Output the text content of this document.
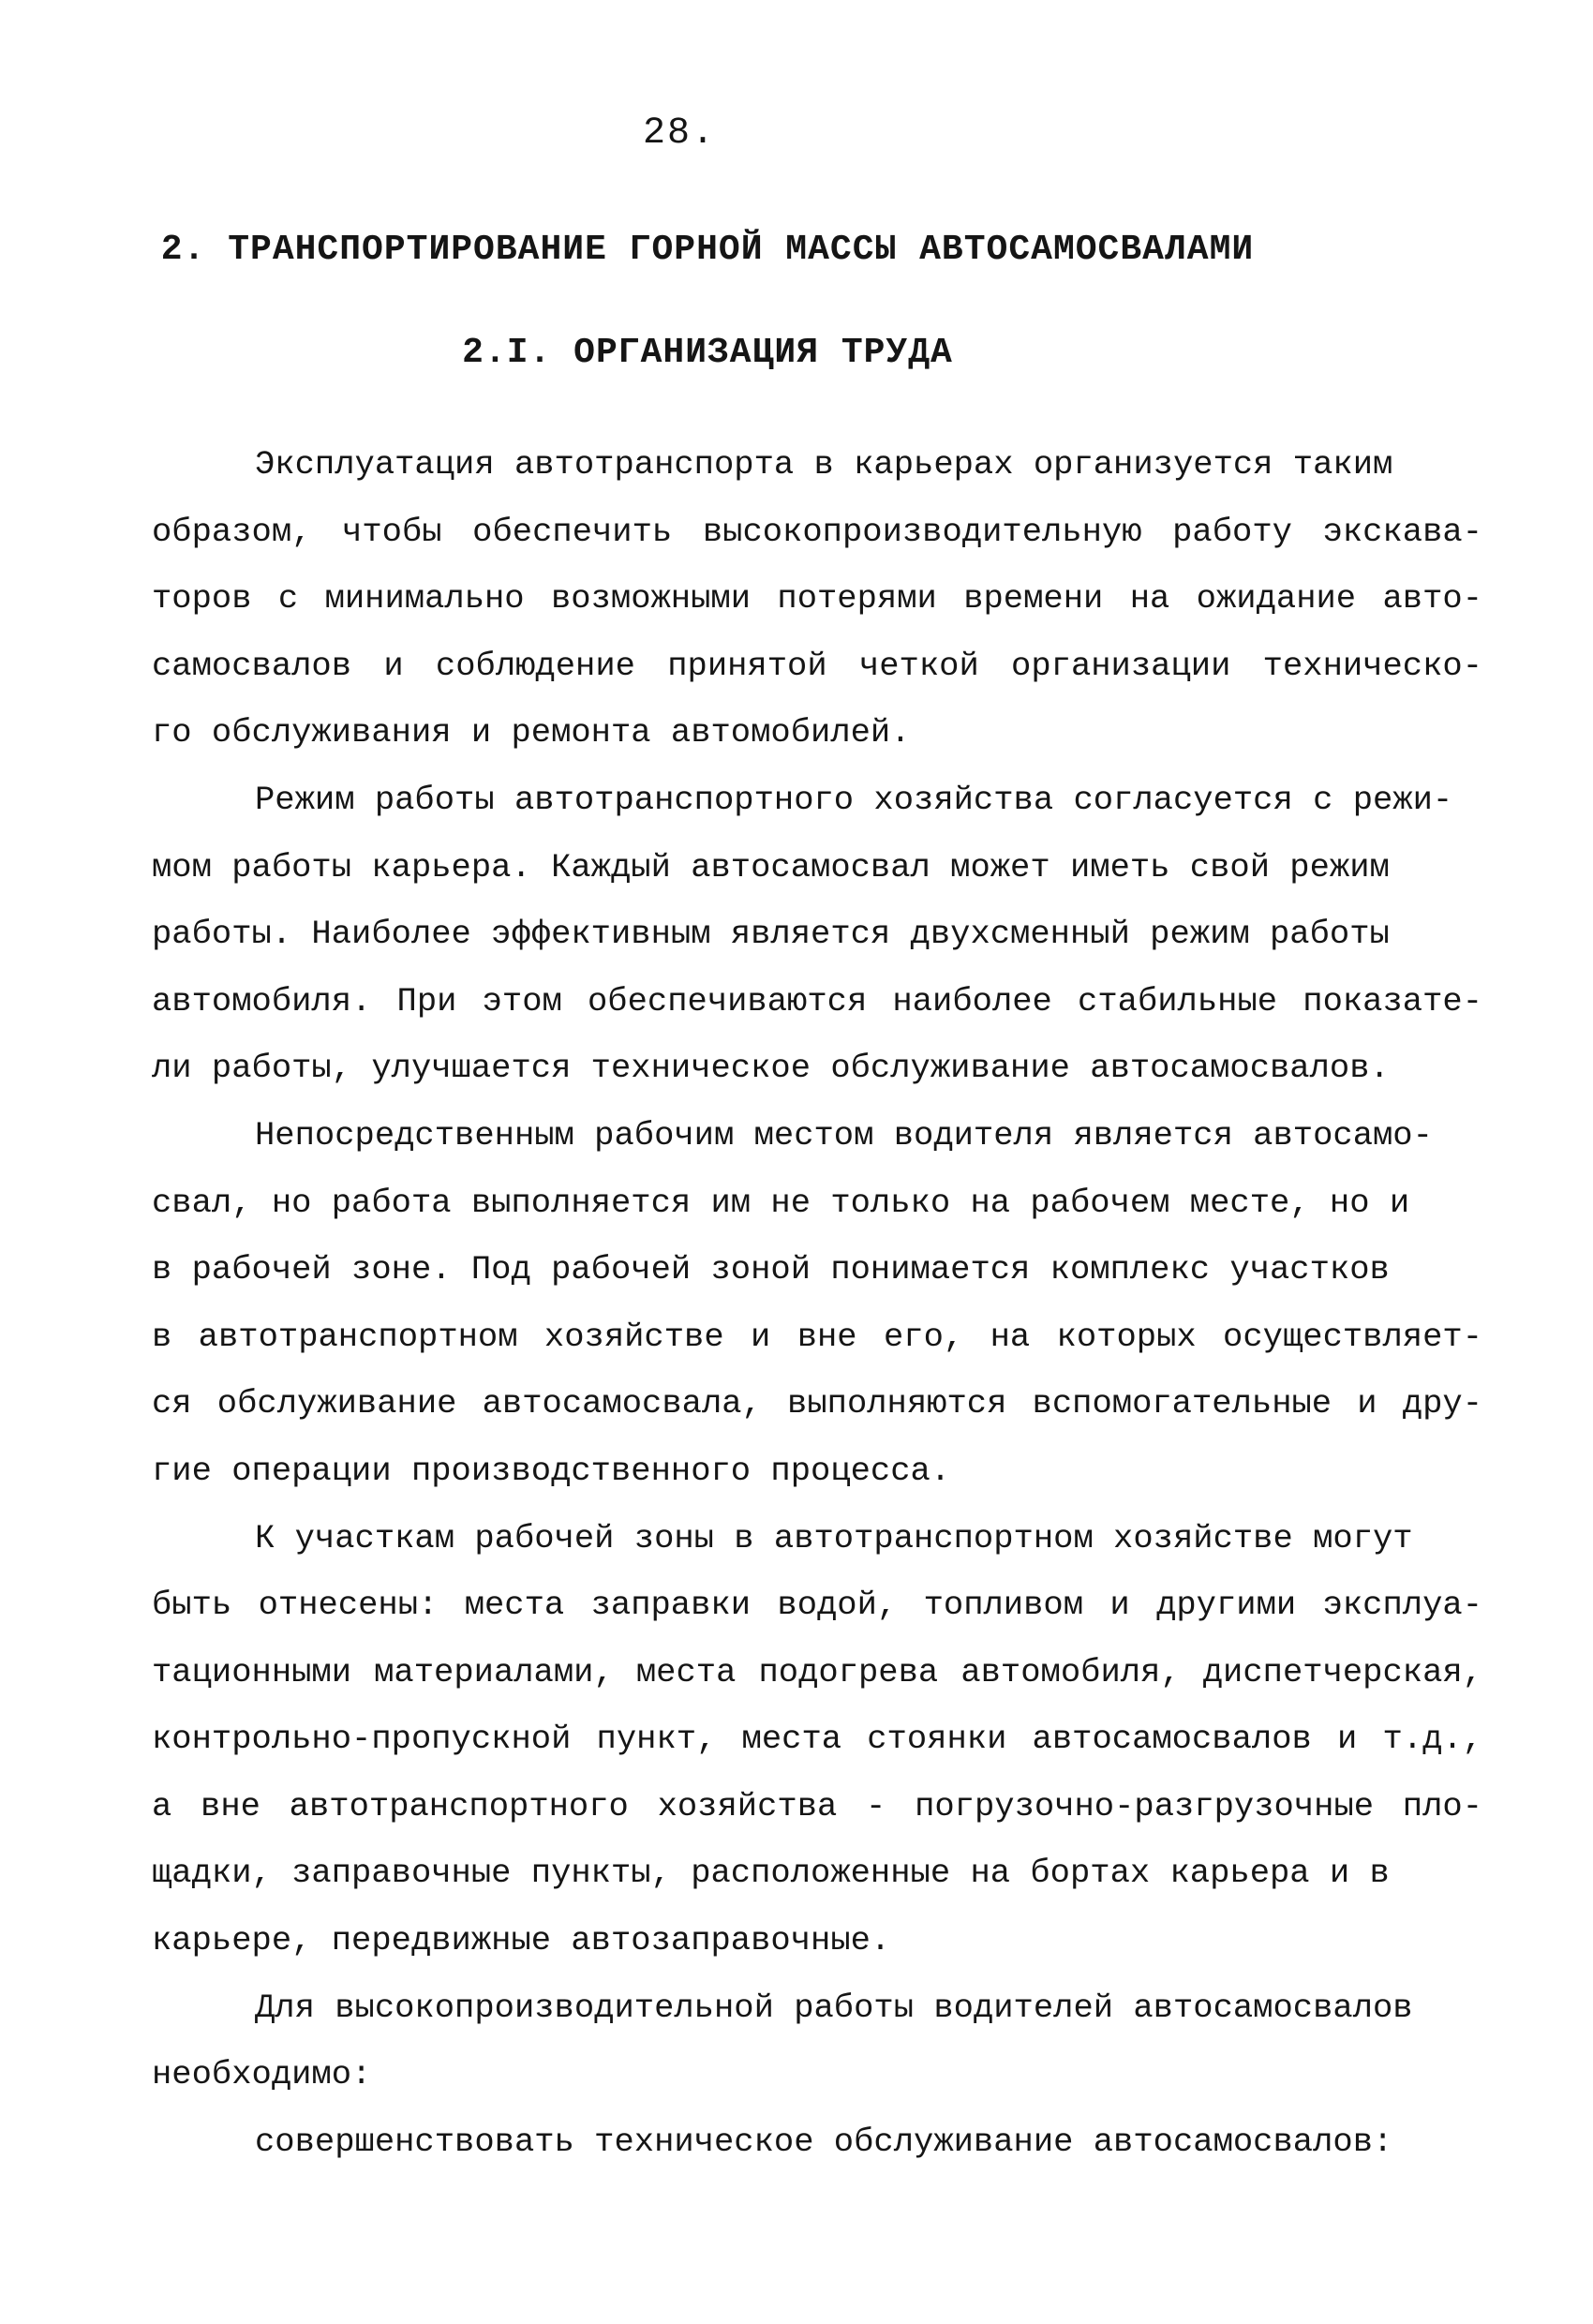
28.
2. ТРАНСПОРТИРОВАНИЕ ГОРНОЙ МАССЫ АВТОСАМОСВАЛАМИ
2.I. ОРГАНИЗАЦИЯ ТРУДА
Эксплуатация автотранспорта в карьерах организуется таким
образом, чтобы обеспечить высокопроизводительную работу экскава-
торов с минимально возможными потерями времени на ожидание авто-
самосвалов и соблюдение принятой четкой организации техническо-
го обслуживания и ремонта автомобилей.
Режим работы автотранспортного хозяйства согласуется с режи-
мом работы карьера. Каждый автосамосвал может иметь свой режим
работы. Наиболее эффективным является двухсменный режим работы
автомобиля. При этом обеспечиваются наиболее стабильные показате-
ли работы, улучшается техническое обслуживание автосамосвалов.
Непосредственным рабочим местом водителя является автосамо-
свал, но работа выполняется им не только на рабочем месте, но и
в рабочей зоне. Под рабочей зоной понимается комплекс участков
в автотранспортном хозяйстве и вне его, на которых осуществляет-
ся обслуживание автосамосвала, выполняются вспомогательные и дру-
гие операции производственного процесса.
К участкам рабочей зоны в автотранспортном хозяйстве могут
быть отнесены: места заправки водой, топливом и другими эксплуа-
тационными материалами, места подогрева автомобиля, диспетчерская,
контрольно-пропускной пункт, места стоянки автосамосвалов и т.д.,
а вне автотранспортного хозяйства - погрузочно-разгрузочные пло-
щадки, заправочные пункты, расположенные на бортах карьера и в
карьере, передвижные автозаправочные.
Для высокопроизводительной работы водителей автосамосвалов
необходимо:
совершенствовать техническое обслуживание автосамосвалов:
